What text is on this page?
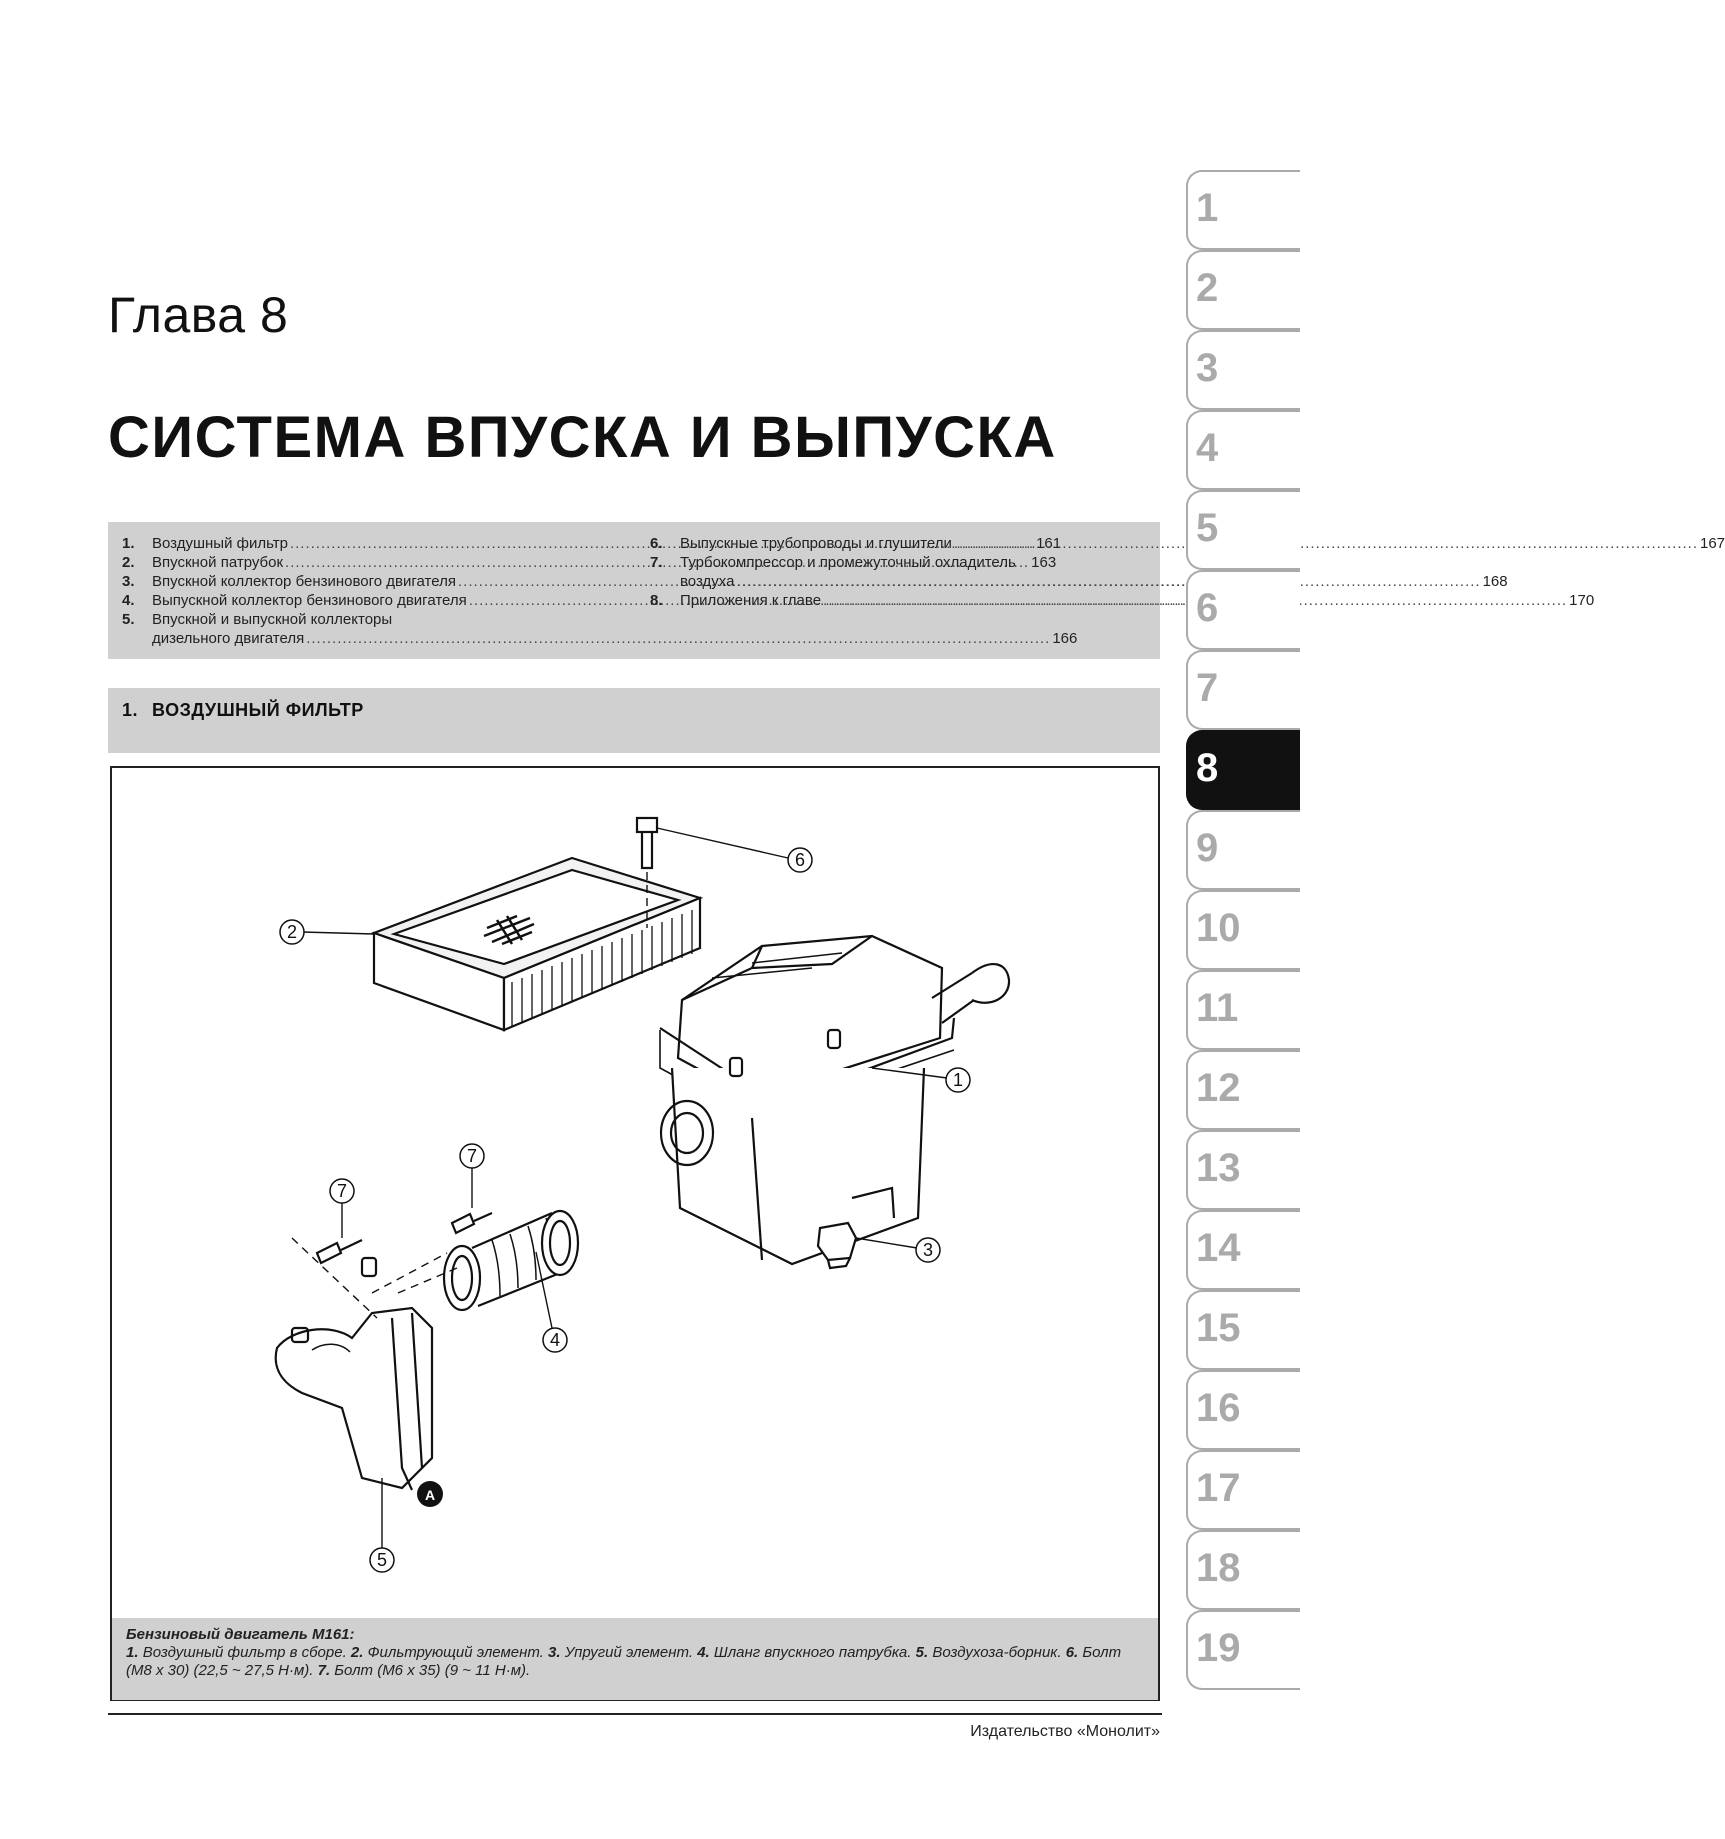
Глава 8
СИСТЕМА ВПУСКА И ВЫПУСКА
1.	Воздушный фильтр .....	161
2.	Впускной патрубок .....	163
3.	Впускной коллектор бензинового двигателя
.....
4.	Выпускной коллектор бензинового двигателя
.....
5.	Впускной и выпускной коллекторы
дизельного двигателя .....	166
6.	Выпускные трубопроводы и глушители .....	167
7.	Турбокомпрессор и промежуточный охладитель
воздуха .....	168
8.	Приложения к главе .....	170
1. ВОЗДУШНЫЙ ФИЛЬТР
1
2
3
4
5
6
7
7
A
Бензиновый двигатель М161:
1. Воздушный фильтр в сборе. 2. Фильтрующий элемент. 3. Упругий элемент. 4. Шланг впускного патрубка. 5. Воздухоза-борник. 6. Болт (М8 х 30) (22,5 ~ 27,5 Н·м). 7. Болт (М6 х 35) (9 ~ 11 Н·м).
Издательство «Монолит»
1
2
3
4
5
6
7
8
9
10
11
12
13
14
15
16
17
18
19
